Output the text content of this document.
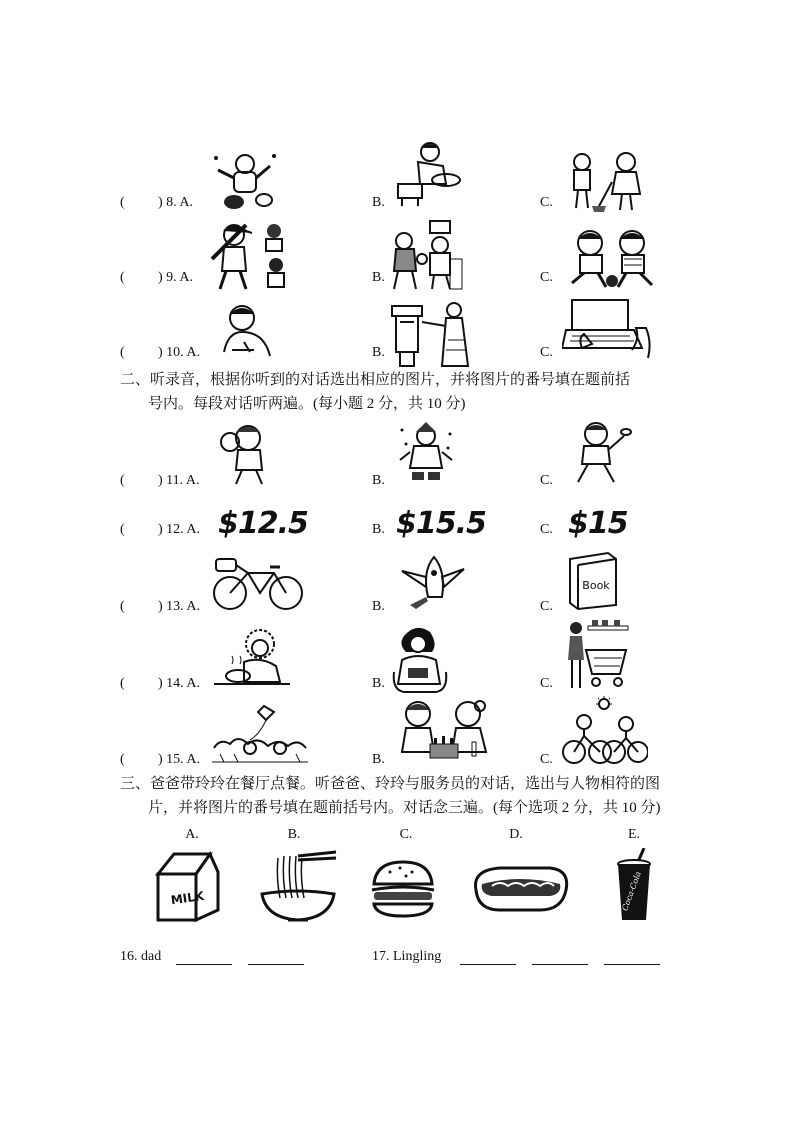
( ) 8. A.	B.	C.
( ) 9. A.	B.	C.
( ) 10. A.	B.	C.
二、听录音，根据你听到的对话选出相应的图片，并将图片的番号填在题前括
号内。每段对话听两遍。(每小题 2 分，共 10 分)
( ) 11. A.	B.	C.
( ) 12. A. $12.5	B. $15.5	C. $15
( ) 13. A.	B.	C.
Book
( ) 14. A.	B.	C.
( ) 15. A.	B.	C.
三、爸爸带玲玲在餐厅点餐。听爸爸、玲玲与服务员的对话，选出与人物相符的图
片，并将图片的番号填在题前括号内。对话念三遍。(每个选项 2 分，共 10 分)
A.	B.	C.	D.	E.
MILK	Coca-Cola
16. dad	17. Lingling
